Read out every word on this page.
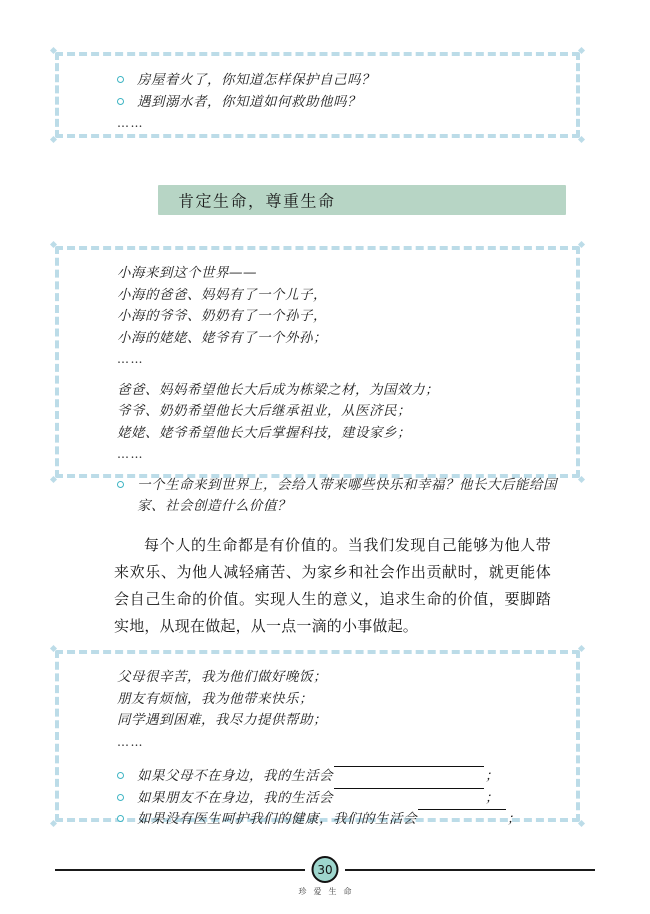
房屋着火了，你知道怎样保护自己吗？
遇到溺水者，你知道如何救助他吗？
……
肯定生命，尊重生命
小海来到这个世界——
小海的爸爸、妈妈有了一个儿子，
小海的爷爷、奶奶有了一个孙子，
小海的姥姥、姥爷有了一个外孙；
……
爸爸、妈妈希望他长大后成为栋梁之材，为国效力；
爷爷、奶奶希望他长大后继承祖业，从医济民；
姥姥、姥爷希望他长大后掌握科技，建设家乡；
……
一个生命来到世界上，会给人带来哪些快乐和幸福？他长大后能给国家、社会创造什么价值？
每个人的生命都是有价值的。当我们发现自己能够为他人带来欢乐、为他人减轻痛苦、为家乡和社会作出贡献时，就更能体会自己生命的价值。实现人生的意义，追求生命的价值，要脚踏实地，从现在做起，从一点一滴的小事做起。
父母很辛苦，我为他们做好晚饭；
朋友有烦恼，我为他带来快乐；
同学遇到困难，我尽力提供帮助；
……
如果父母不在身边，我的生活会	；
如果朋友不在身边，我的生活会	；
如果没有医生呵护我们的健康，我们的生活会	；
30
珍爱生命
